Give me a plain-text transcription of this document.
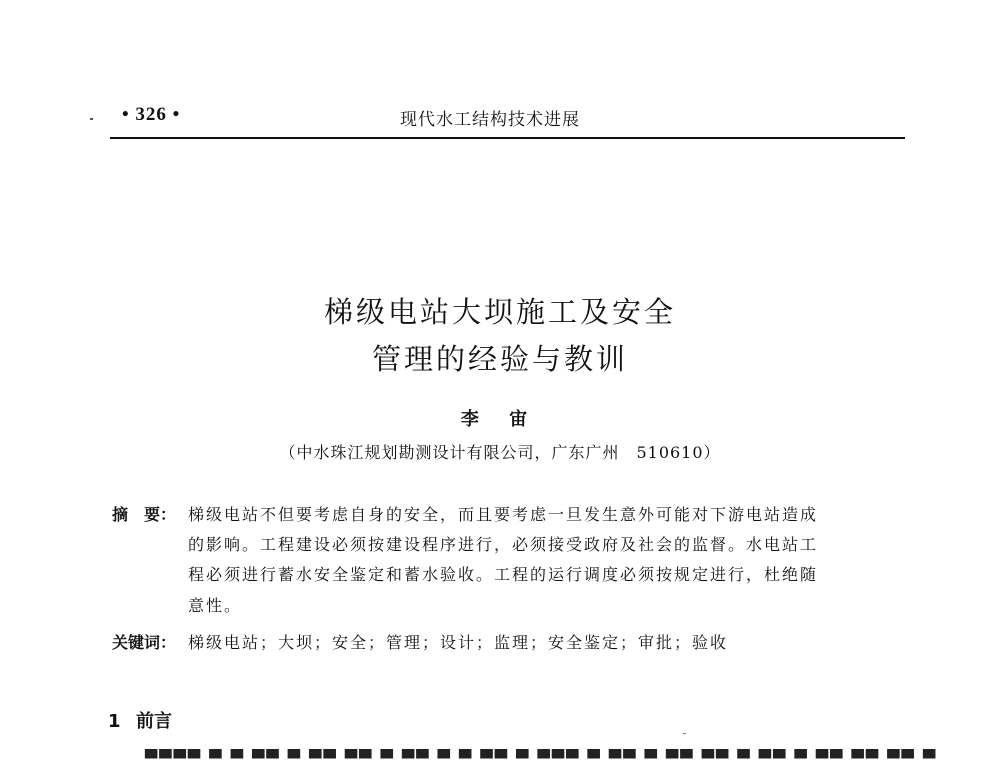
• 326 •	现代水工结构技术进展
梯级电站大坝施工及安全
管理的经验与教训
李 宙
（中水珠江规划勘测设计有限公司，广东广州　510610）
摘　要： 梯级电站不但要考虑自身的安全，而且要考虑一旦发生意外可能对下游电站造成
的影响。工程建设必须按建设程序进行，必须接受政府及社会的监督。水电站工
程必须进行蓄水安全鉴定和蓄水验收。工程的运行调度必须按规定进行，杜绝随
意性。
关键词： 梯级电站；大坝；安全；管理；设计；监理；安全鉴定；审批；验收
1 前言
▀▀▀▀ ▀ ▀ ▀▀ ▀ ▀▀ ▀▀ ▀ ▀▀ ▀ ▀ ▀▀ ▀ ▀▀▀ ▀ ▀▀ ▀ ▀▀ ▀▀ ▀ ▀▀ ▀ ▀▀ ▀▀ ▀▀ ▀
